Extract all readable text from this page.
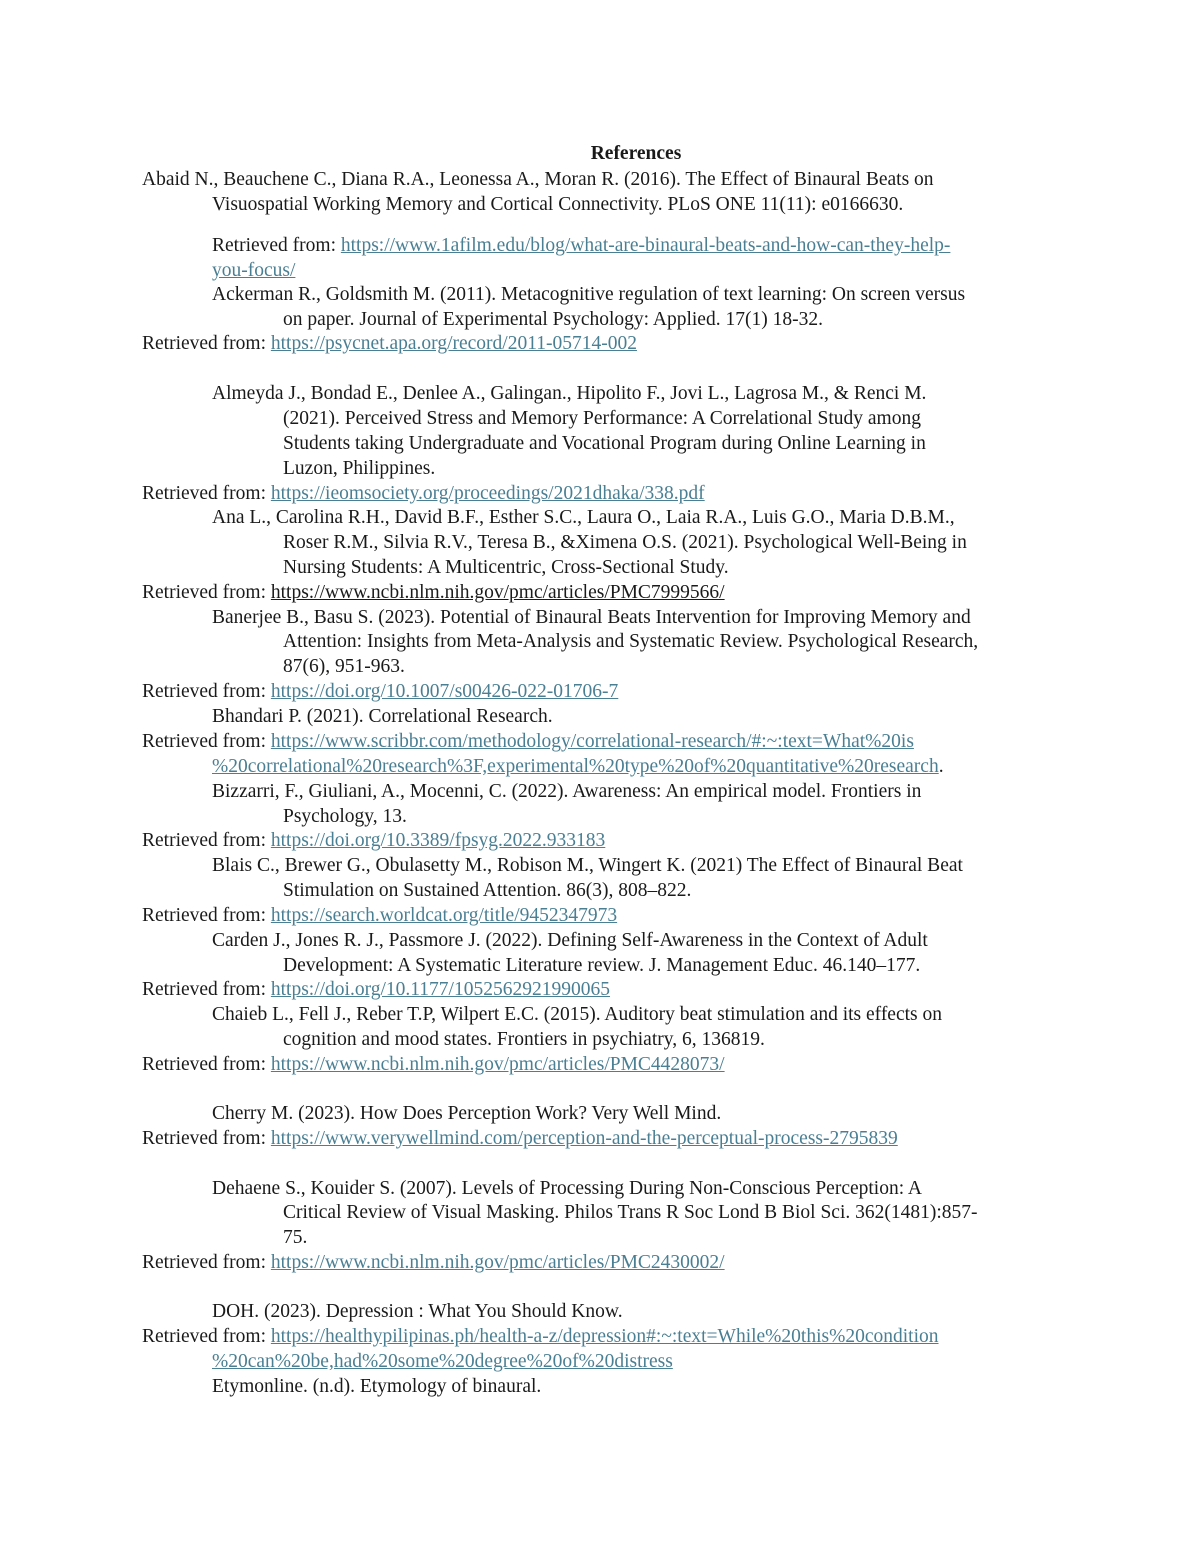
References
Abaid N., Beauchene C., Diana R.A., Leonessa A., Moran R. (2016). The Effect of Binaural Beats on
Visuospatial Working Memory and Cortical Connectivity. PLoS ONE 11(11): e0166630.
Retrieved from: https://www.1afilm.edu/blog/what-are-binaural-beats-and-how-can-they-help-
you-focus/
Ackerman R., Goldsmith M. (2011). Metacognitive regulation of text learning: On screen versus
on paper. Journal of Experimental Psychology: Applied. 17(1) 18-32.
Retrieved from: https://psycnet.apa.org/record/2011-05714-002
Almeyda J., Bondad E., Denlee A., Galingan., Hipolito F., Jovi L., Lagrosa M., & Renci M.
(2021). Perceived Stress and Memory Performance: A Correlational Study among
Students taking Undergraduate and Vocational Program during Online Learning in
Luzon, Philippines.
Retrieved from: https://ieomsociety.org/proceedings/2021dhaka/338.pdf
Ana L., Carolina R.H., David B.F., Esther S.C., Laura O., Laia R.A., Luis G.O., Maria D.B.M.,
Roser R.M., Silvia R.V., Teresa B., &Ximena O.S. (2021). Psychological Well-Being in
Nursing Students: A Multicentric, Cross-Sectional Study.
Retrieved from: https://www.ncbi.nlm.nih.gov/pmc/articles/PMC7999566/
Banerjee B., Basu S. (2023). Potential of Binaural Beats Intervention for Improving Memory and
Attention: Insights from Meta-Analysis and Systematic Review. Psychological Research,
87(6), 951-963.
Retrieved from: https://doi.org/10.1007/s00426-022-01706-7
Bhandari P. (2021). Correlational Research.
Retrieved from: https://www.scribbr.com/methodology/correlational-research/#:~:text=What%20is
%20correlational%20research%3F,experimental%20type%20of%20quantitative%20research.
Bizzarri, F., Giuliani, A., Mocenni, C. (2022). Awareness: An empirical model. Frontiers in
Psychology, 13.
Retrieved from: https://doi.org/10.3389/fpsyg.2022.933183
Blais C., Brewer G., Obulasetty M., Robison M., Wingert K. (2021) The Effect of Binaural Beat
Stimulation on Sustained Attention. 86(3), 808–822.
Retrieved from: https://search.worldcat.org/title/9452347973
Carden J., Jones R. J., Passmore J. (2022). Defining Self-Awareness in the Context of Adult
Development: A Systematic Literature review. J. Management Educ. 46.140–177.
Retrieved from: https://doi.org/10.1177/1052562921990065
Chaieb L., Fell J., Reber T.P, Wilpert E.C. (2015). Auditory beat stimulation and its effects on
cognition and mood states. Frontiers in psychiatry, 6, 136819.
Retrieved from: https://www.ncbi.nlm.nih.gov/pmc/articles/PMC4428073/
Cherry M. (2023). How Does Perception Work? Very Well Mind.
Retrieved from: https://www.verywellmind.com/perception-and-the-perceptual-process-2795839
Dehaene S., Kouider S. (2007). Levels of Processing During Non-Conscious Perception: A
Critical Review of Visual Masking. Philos Trans R Soc Lond B Biol Sci. 362(1481):857-
75.
Retrieved from: https://www.ncbi.nlm.nih.gov/pmc/articles/PMC2430002/
DOH. (2023). Depression : What You Should Know.
Retrieved from: https://healthypilipinas.ph/health-a-z/depression#:~:text=While%20this%20condition
%20can%20be,had%20some%20degree%20of%20distress
Etymonline. (n.d). Etymology of binaural.
